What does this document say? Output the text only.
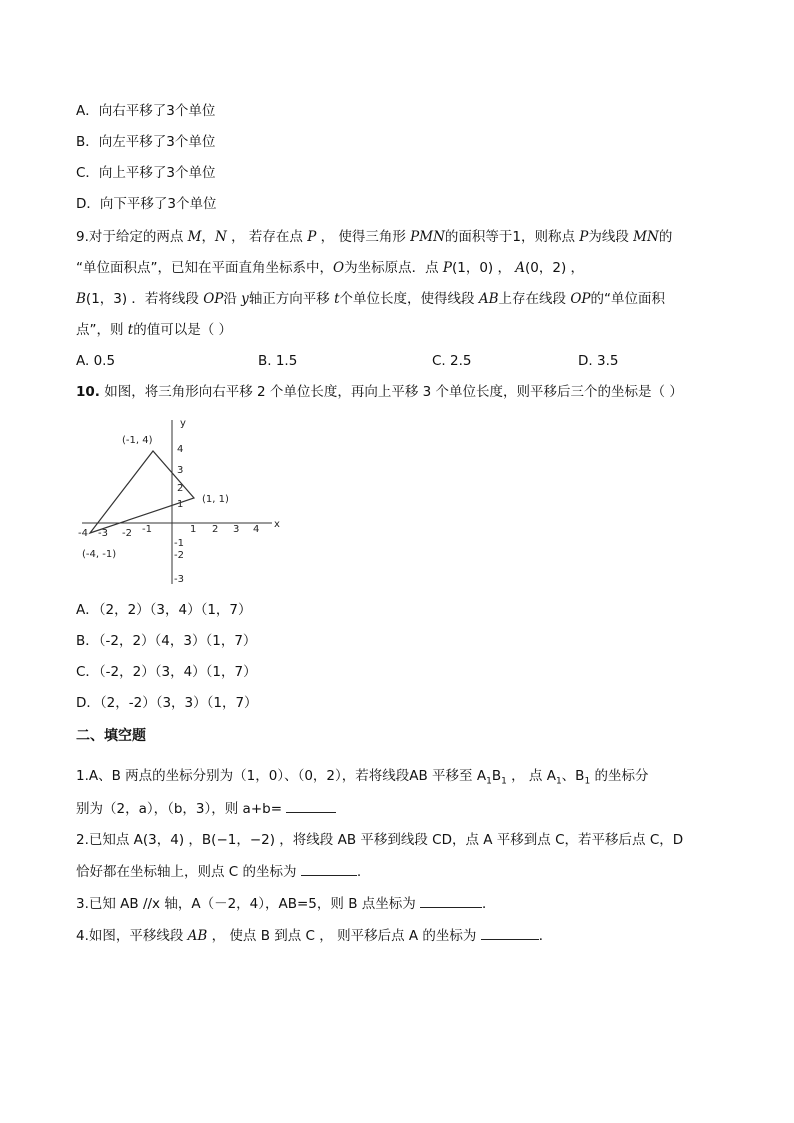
A．向右平移了3个单位
B．向左平移了3个单位
C．向上平移了3个单位
D．向下平移了3个单位
9.对于给定的两点 M，N ， 若存在点 P ， 使得三角形 PMN的面积等于1，则称点 P为线段 MN的
“单位面积点”，已知在平面直角坐标系中，O为坐标原点．点 P(1，0) ， A(0，2) ，
B(1，3) ．若将线段 OP沿 y轴正方向平移 t个单位长度，使得线段 AB上存在线段 OP的“单位面积
点”，则 t的值可以是（ ）
A. 0.5	B. 1.5	C. 2.5	D. 3.5
10. 如图，将三角形向右平移 2 个单位长度，再向上平移 3 个单位长度，则平移后三个的坐标是（ ）
x
y
-4 -3 -2 -1	1 2 3 4
4
3
2
1
-1
-2
-3
(-1, 4)
(1, 1)
(-4, -1)
A．（2，2）（3，4）（1，7）
B．（-2，2）（4，3）（1，7）
C．（-2，2）（3，4）（1，7）
D．（2，-2）（3，3）（1，7）
二、填空题
1.A、B 两点的坐标分别为（1，0）、（0，2），若将线段AB 平移至 $A_1B_1$ ， 点 $A_1$、$B_1$ 的坐标分
别为（2，a），（b，3），则 a+b=
2.已知点 A(3，4) ，B(−1，−2) ，将线段 AB 平移到线段 CD，点 A 平移到点 C，若平移后点 C，D
恰好都在坐标轴上，则点 C 的坐标为	.
3.已知 AB //x 轴，A（－2，4），AB=5，则 B 点坐标为	．
4.如图，平移线段 AB ， 使点 B 到点 C ， 则平移后点 A 的坐标为	．
